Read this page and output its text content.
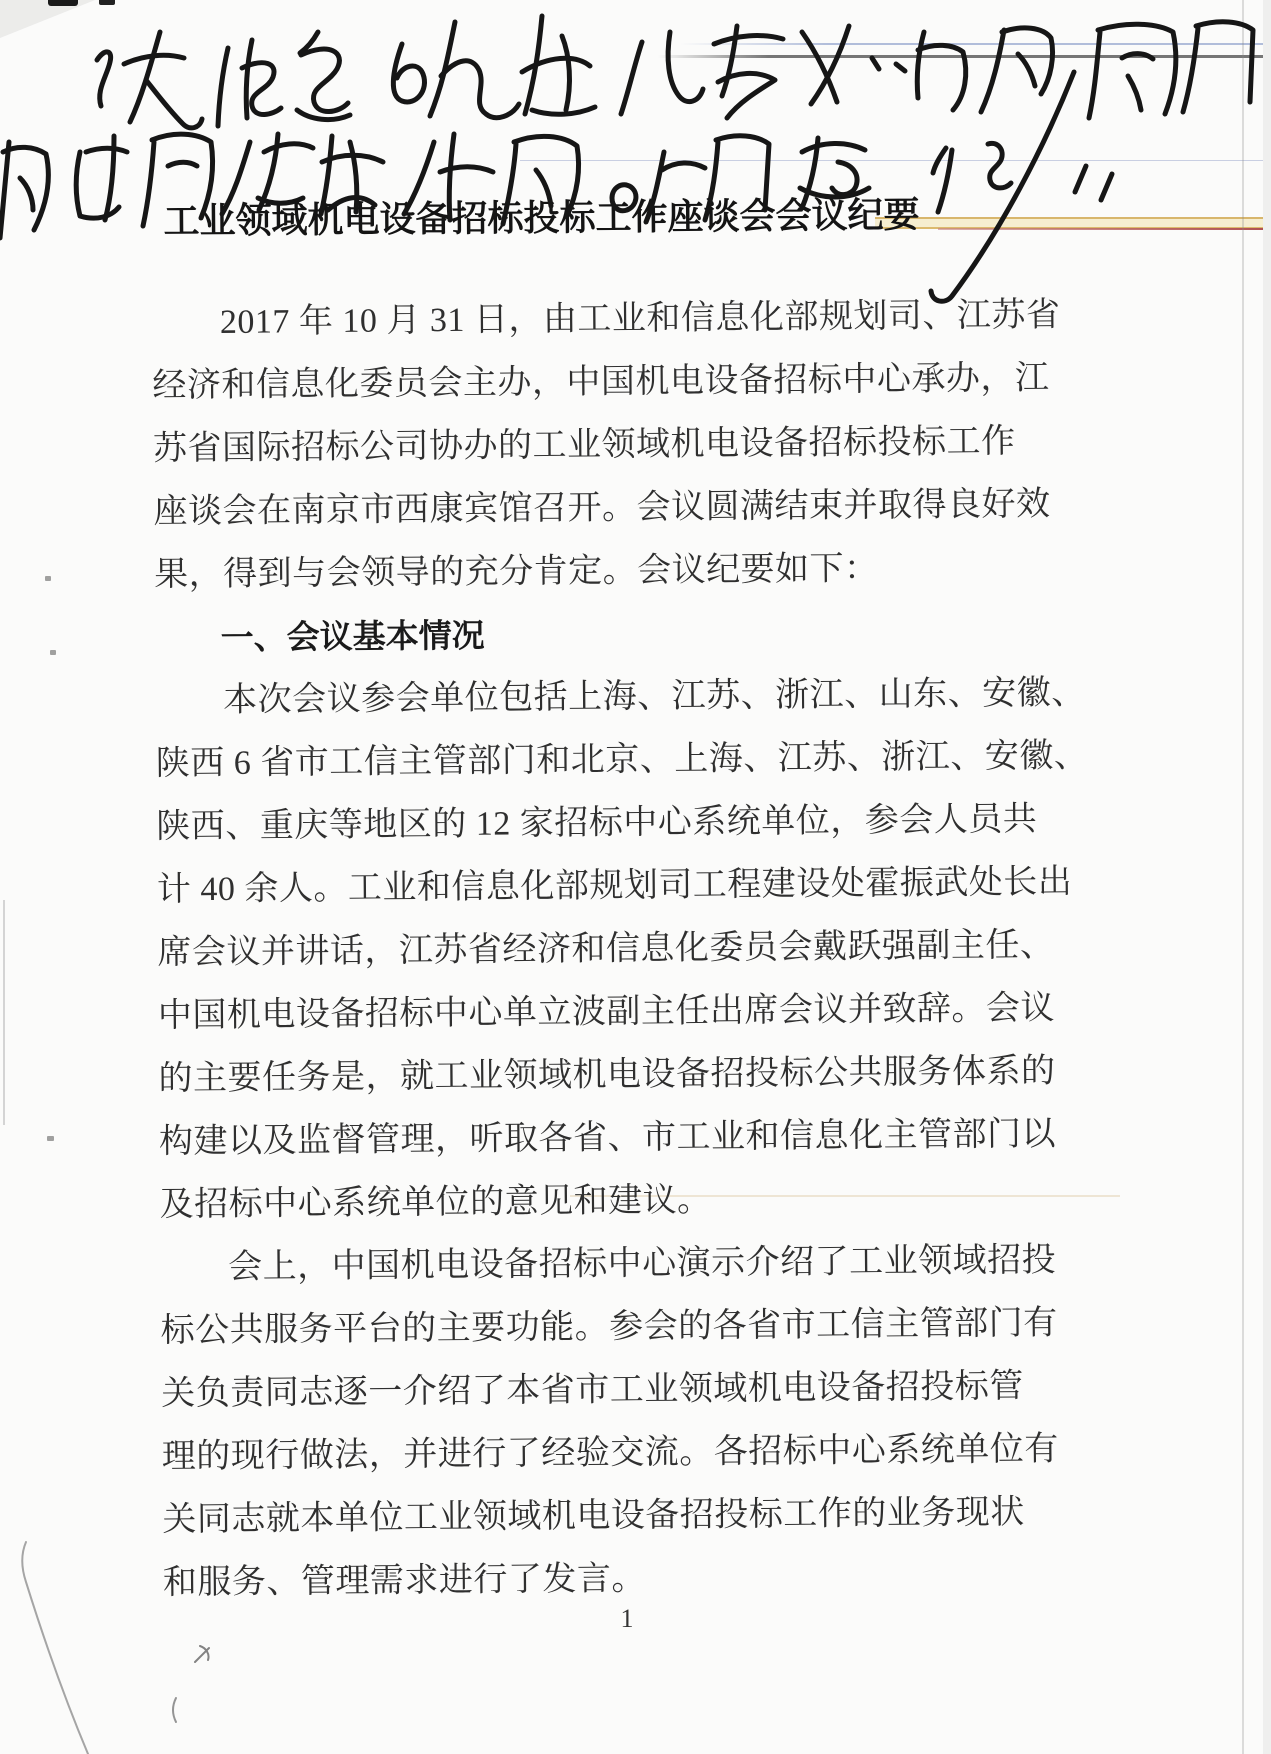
工业领域机电设备招标投标工作座谈会会议纪要
2017 年 10 月 31 日，由工业和信息化部规划司、江苏省
经济和信息化委员会主办，中国机电设备招标中心承办，江
苏省国际招标公司协办的工业领域机电设备招标投标工作
座谈会在南京市西康宾馆召开。会议圆满结束并取得良好效
果，得到与会领导的充分肯定。会议纪要如下：
一、会议基本情况
本次会议参会单位包括上海、江苏、浙江、山东、安徽、
陕西 6 省市工信主管部门和北京、上海、江苏、浙江、安徽、
陕西、重庆等地区的 12 家招标中心系统单位，参会人员共
计 40 余人。工业和信息化部规划司工程建设处霍振武处长出
席会议并讲话，江苏省经济和信息化委员会戴跃强副主任、
中国机电设备招标中心单立波副主任出席会议并致辞。会议
的主要任务是，就工业领域机电设备招投标公共服务体系的
构建以及监督管理，听取各省、市工业和信息化主管部门以
及招标中心系统单位的意见和建议。
会上，中国机电设备招标中心演示介绍了工业领域招投
标公共服务平台的主要功能。参会的各省市工信主管部门有
关负责同志逐一介绍了本省市工业领域机电设备招投标管
理的现行做法，并进行了经验交流。各招标中心系统单位有
关同志就本单位工业领域机电设备招投标工作的业务现状
和服务、管理需求进行了发言。
1
